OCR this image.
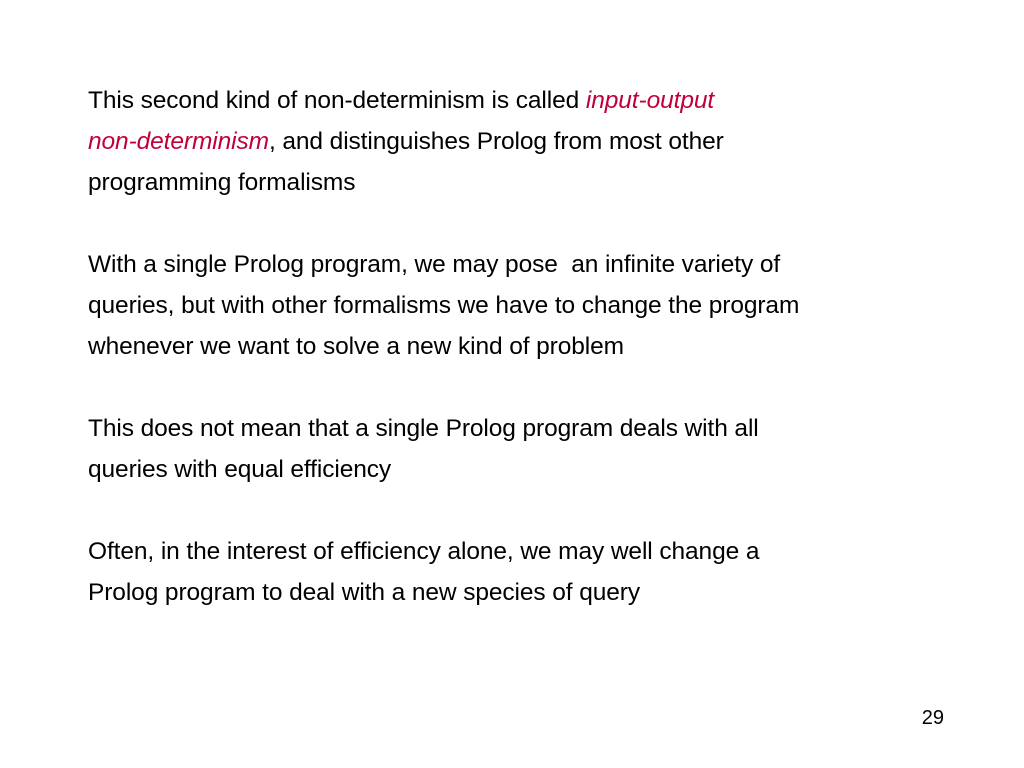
This second kind of non-determinism is called input-output
non-determinism, and distinguishes Prolog from most other
programming formalisms

With a single Prolog program, we may pose  an infinite variety of
queries, but with other formalisms we have to change the program
whenever we want to solve a new kind of problem

This does not mean that a single Prolog program deals with all
queries with equal efficiency

Often, in the interest of efficiency alone, we may well change a
Prolog program to deal with a new species of query

29
